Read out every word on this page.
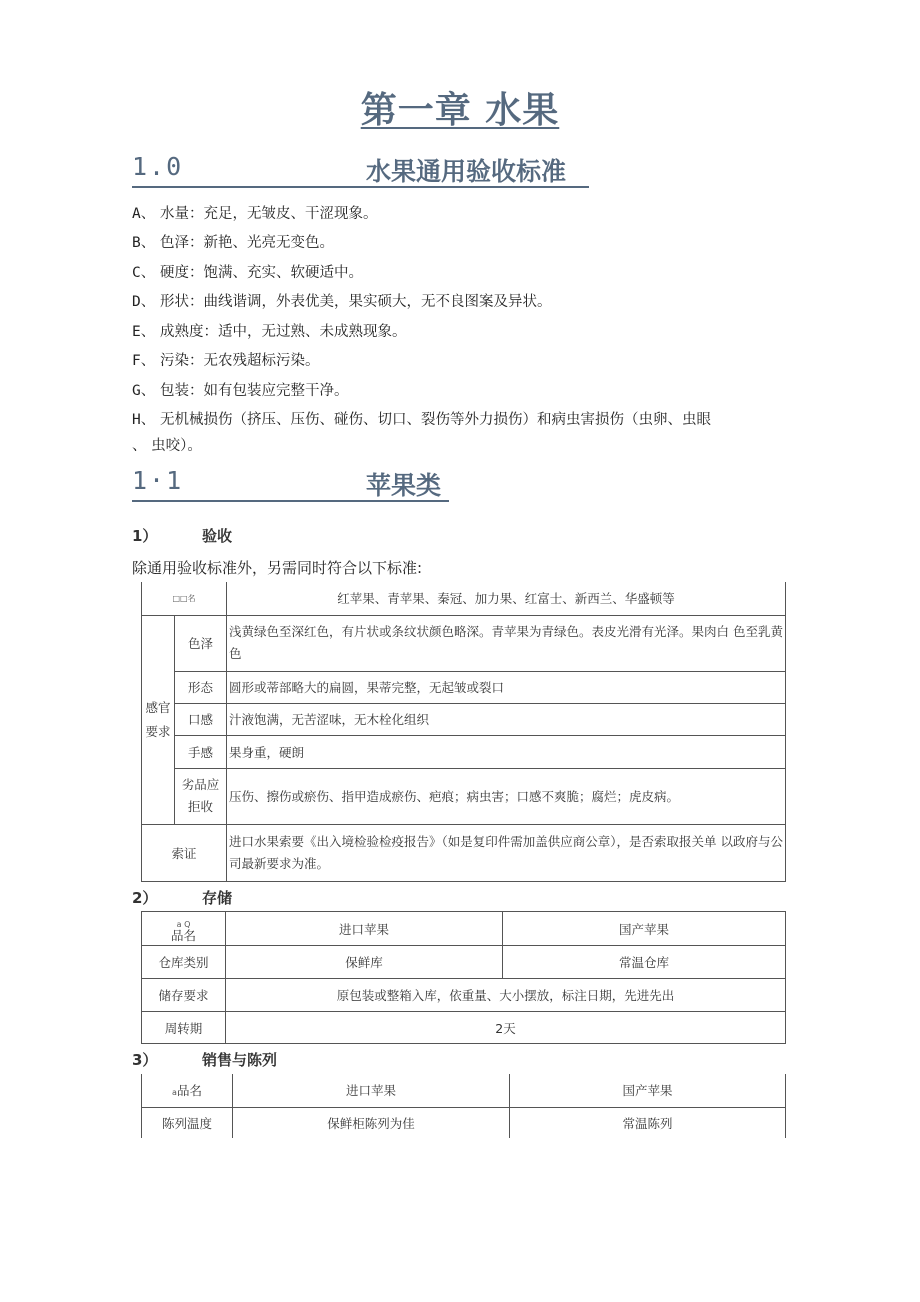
第一章 水果
1.0	水果通用验收标准
A、 水量：充足，无皱皮、干涩现象。
B、 色泽：新艳、光亮无变色。
C、 硬度：饱满、充实、软硬适中。
D、 形状：曲线谐调，外表优美，果实硕大，无不良图案及异状。
E、 成熟度：适中，无过熟、未成熟现象。
F、 污染：无农残超标污染。
G、 包装：如有包装应完整干净。
H、 无机械损伤（挤压、压伤、碰伤、切口、裂伤等外力损伤）和病虫害损伤（虫卵、虫眼
、 虫咬）。
1·1	苹果类
1）	验收
除通用验收标准外，另需同时符合以下标准:
□□名		红苹果、青苹果、秦冠、加力果、红富士、新西兰、华盛顿等
感官
要求	色泽	浅黄绿色至深红色，有片状或条纹状颜色略深。青苹果为青绿色。表皮光滑有光泽。果肉白 色至乳黄色
	形态	圆形或蒂部略大的扁圆，果蒂完整，无起皱或裂口
	口感	汁液饱满，无苦涩味，无木栓化组织
	手感	果身重，硬朗
	劣品应拒收	压伤、擦伤或瘀伤、指甲造成瘀伤、疤痕；病虫害；口感不爽脆；腐烂；虎皮病。
索证		进口水果索要《出入境检验检疫报告》（如是复印件需加盖供应商公章），是否索取报关单 以政府与公司最新要求为准。
2）	存储
a Q
品名	进口苹果	国产苹果
仓库类别	保鲜库	常温仓库
储存要求	原包装或整箱入库，依重量、大小摆放，标注日期，先进先出	
周转期	2天	
3）	销售与陈列
a品名	进口苹果	国产苹果
陈列温度	保鲜柜陈列为佳	常温陈列
